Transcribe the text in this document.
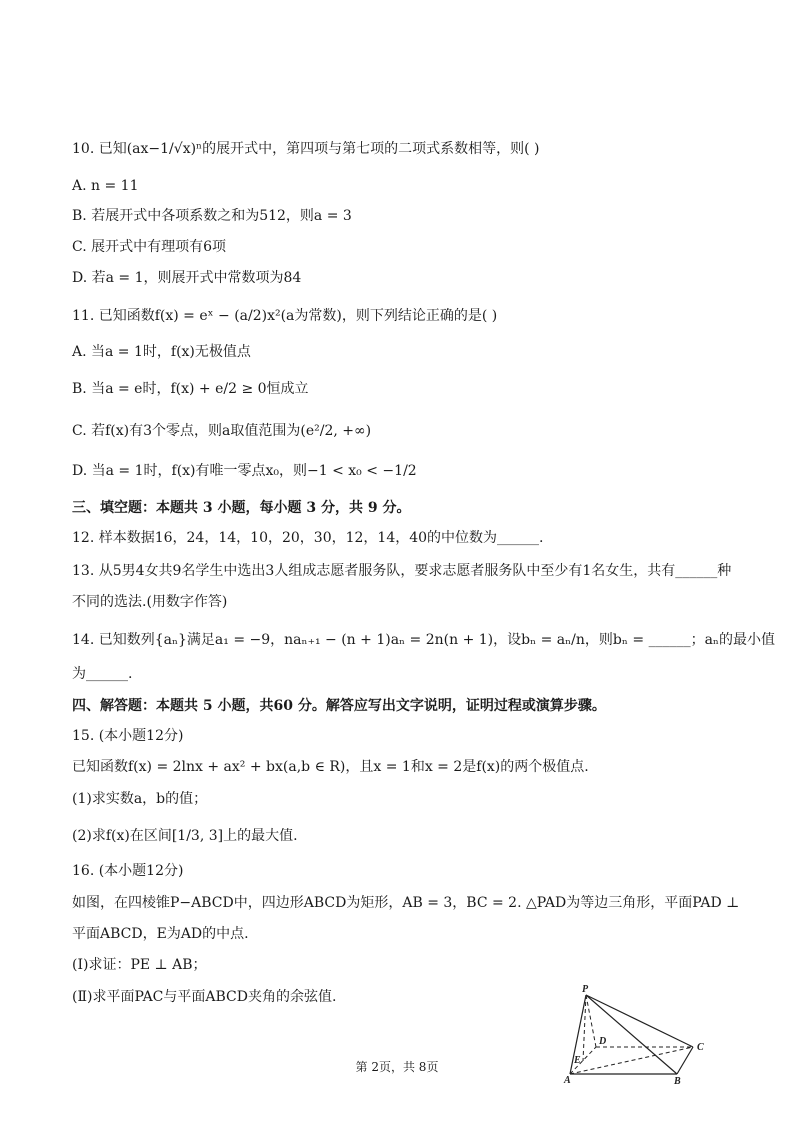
10. 已知(ax−1/√x)ⁿ的展开式中，第四项与第七项的二项式系数相等，则( )
A. n = 11
B. 若展开式中各项系数之和为512，则a = 3
C. 展开式中有理项有6项
D. 若a = 1，则展开式中常数项为84
11. 已知函数f(x) = eˣ − (a/2)x²(a为常数)，则下列结论正确的是( )
A. 当a = 1时，f(x)无极值点
B. 当a = e时，f(x) + e/2 ≥ 0恒成立
C. 若f(x)有3个零点，则a取值范围为(e²/2, +∞)
D. 当a = 1时，f(x)有唯一零点x₀，则−1 < x₀ < −1/2
三、填空题：本题共 3 小题，每小题 3 分，共 9 分。
12. 样本数据16，24，14，10，20，30，12，14，40的中位数为______.
13. 从5男4女共9名学生中选出3人组成志愿者服务队，要求志愿者服务队中至少有1名女生，共有______种
不同的选法.(用数字作答)
14. 已知数列{aₙ}满足a₁ = −9，naₙ₊₁ − (n + 1)aₙ = 2n(n + 1)，设bₙ = aₙ/n，则bₙ = ______；aₙ的最小值
为______.
四、解答题：本题共 5 小题，共60 分。解答应写出文字说明，证明过程或演算步骤。
15. (本小题12分)
已知函数f(x) = 2lnx + ax² + bx(a,b ∈ R)，且x = 1和x = 2是f(x)的两个极值点.
(1)求实数a，b的值；
(2)求f(x)在区间[1/3, 3]上的最大值.
16. (本小题12分)
如图，在四棱锥P−ABCD中，四边形ABCD为矩形，AB = 3，BC = 2. △PAD为等边三角形，平面PAD ⊥
平面ABCD，E为AD的中点.
(Ⅰ)求证：PE ⊥ AB；
(Ⅱ)求平面PAC与平面ABCD夹角的余弦值.	P
D
C
E
A	B
第 2页，共 8页
